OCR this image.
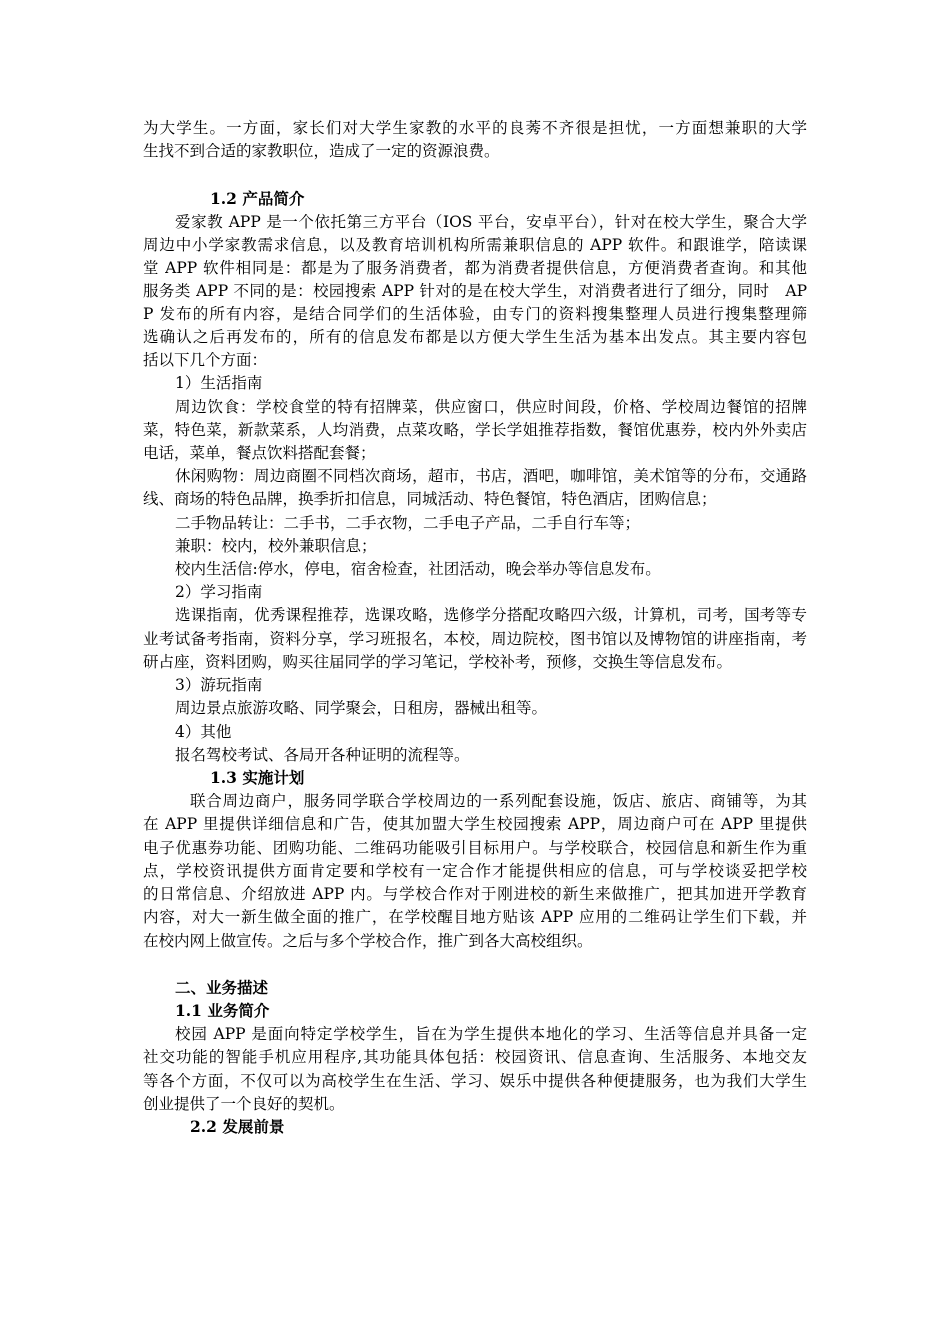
为大学生。一方面，家长们对大学生家教的水平的良莠不齐很是担忧，一方面想兼职的大学
生找不到合适的家教职位，造成了一定的资源浪费。
1.2 产品简介
爱家教 APP 是一个依托第三方平台（IOS 平台，安卓平台），针对在校大学生，聚合大学
周边中小学家教需求信息，以及教育培训机构所需兼职信息的 APP 软件。和跟谁学，陪读课
堂 APP 软件相同是：都是为了服务消费者，都为消费者提供信息，方便消费者查询。和其他
服务类 APP 不同的是：校园搜索 APP 针对的是在校大学生，对消费者进行了细分，同时　AP
P 发布的所有内容，是结合同学们的生活体验，由专门的资料搜集整理人员进行搜集整理筛
选确认之后再发布的，所有的信息发布都是以方便大学生生活为基本出发点。其主要内容包
括以下几个方面：
1）生活指南
周边饮食：学校食堂的特有招牌菜，供应窗口，供应时间段，价格、学校周边餐馆的招牌
菜，特色菜，新款菜系，人均消费，点菜攻略，学长学姐推荐指数，餐馆优惠券，校内外外卖店
电话，菜单，餐点饮料搭配套餐；
休闲购物：周边商圈不同档次商场，超市，书店，酒吧，咖啡馆，美术馆等的分布，交通路
线、商场的特色品牌，换季折扣信息，同城活动、特色餐馆，特色酒店，团购信息；
二手物品转让：二手书，二手衣物，二手电子产品，二手自行车等；
兼职：校内，校外兼职信息；
校内生活信:停水，停电，宿舍检查，社团活动，晚会举办等信息发布。
2）学习指南
选课指南，优秀课程推荐，选课攻略，选修学分搭配攻略四六级，计算机，司考，国考等专
业考试备考指南，资料分享，学习班报名，本校，周边院校，图书馆以及博物馆的讲座指南，考
研占座，资料团购，购买往届同学的学习笔记，学校补考，预修，交换生等信息发布。
3）游玩指南
周边景点旅游攻略、同学聚会，日租房，器械出租等。
4）其他
报名驾校考试、各局开各种证明的流程等。
1.3 实施计划
联合周边商户，服务同学联合学校周边的一系列配套设施，饭店、旅店、商铺等，为其
在 APP 里提供详细信息和广告，使其加盟大学生校园搜索 APP，周边商户可在 APP 里提供
电子优惠券功能、团购功能、二维码功能吸引目标用户。与学校联合，校园信息和新生作为重
点，学校资讯提供方面肯定要和学校有一定合作才能提供相应的信息，可与学校谈妥把学校
的日常信息、介绍放进 APP 内。与学校合作对于刚进校的新生来做推广，把其加进开学教育
内容，对大一新生做全面的推广，在学校醒目地方贴该 APP 应用的二维码让学生们下载，并
在校内网上做宣传。之后与多个学校合作，推广到各大高校组织。
二、业务描述
1.1 业务简介
校园 APP 是面向特定学校学生，旨在为学生提供本地化的学习、生活等信息并具备一定
社交功能的智能手机应用程序,其功能具体包括：校园资讯、信息查询、生活服务、本地交友
等各个方面，不仅可以为高校学生在生活、学习、娱乐中提供各种便捷服务，也为我们大学生
创业提供了一个良好的契机。
2.2 发展前景
